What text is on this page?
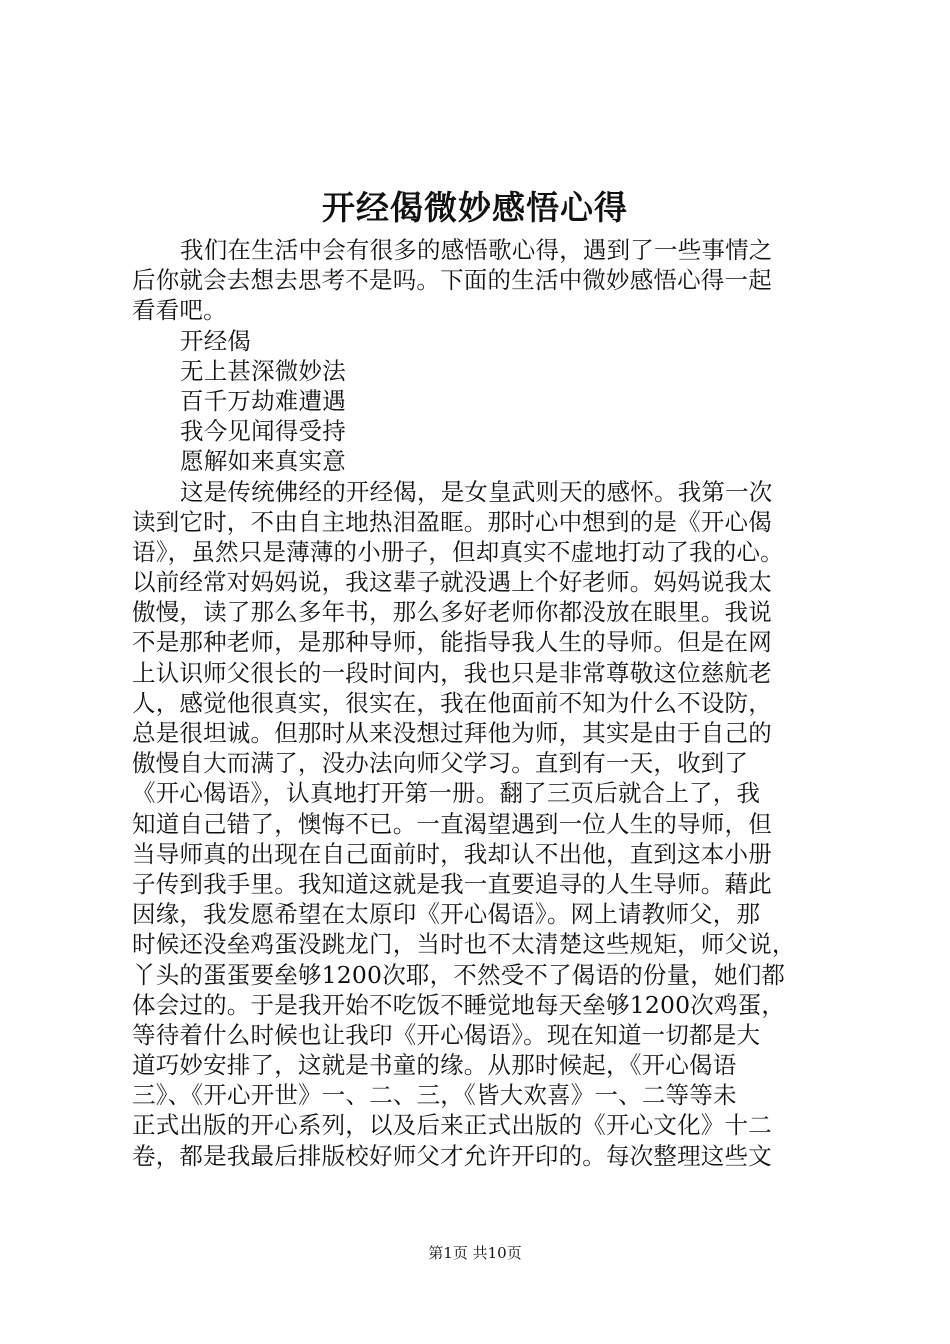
开经偈微妙感悟心得
我们在生活中会有很多的感悟歌心得，遇到了一些事情之
后你就会去想去思考不是吗。下面的生活中微妙感悟心得一起
看看吧。
开经偈
无上甚深微妙法
百千万劫难遭遇
我今见闻得受持
愿解如来真实意
这是传统佛经的开经偈，是女皇武则天的感怀。我第一次
读到它时，不由自主地热泪盈眶。那时心中想到的是《开心偈
语》，虽然只是薄薄的小册子，但却真实不虚地打动了我的心。
以前经常对妈妈说，我这辈子就没遇上个好老师。妈妈说我太
傲慢，读了那么多年书，那么多好老师你都没放在眼里。我说
不是那种老师，是那种导师，能指导我人生的导师。但是在网
上认识师父很长的一段时间内，我也只是非常尊敬这位慈航老
人，感觉他很真实，很实在，我在他面前不知为什么不设防，
总是很坦诚。但那时从来没想过拜他为师，其实是由于自己的
傲慢自大而满了，没办法向师父学习。直到有一天，收到了
《开心偈语》，认真地打开第一册。翻了三页后就合上了，我
知道自己错了，懊悔不已。一直渴望遇到一位人生的导师，但
当导师真的出现在自己面前时，我却认不出他，直到这本小册
子传到我手里。我知道这就是我一直要追寻的人生导师。藉此
因缘，我发愿希望在太原印《开心偈语》。网上请教师父，那
时候还没垒鸡蛋没跳龙门，当时也不太清楚这些规矩，师父说，
丫头的蛋蛋要垒够1200次耶，不然受不了偈语的份量，她们都
体会过的。于是我开始不吃饭不睡觉地每天垒够1200次鸡蛋，
等待着什么时候也让我印《开心偈语》。现在知道一切都是大
道巧妙安排了，这就是书童的缘。从那时候起，《开心偈语
三》、《开心开世》一、二、三，《皆大欢喜》一、二等等未
正式出版的开心系列，以及后来正式出版的《开心文化》十二
卷，都是我最后排版校好师父才允许开印的。每次整理这些文
第1页 共10页
